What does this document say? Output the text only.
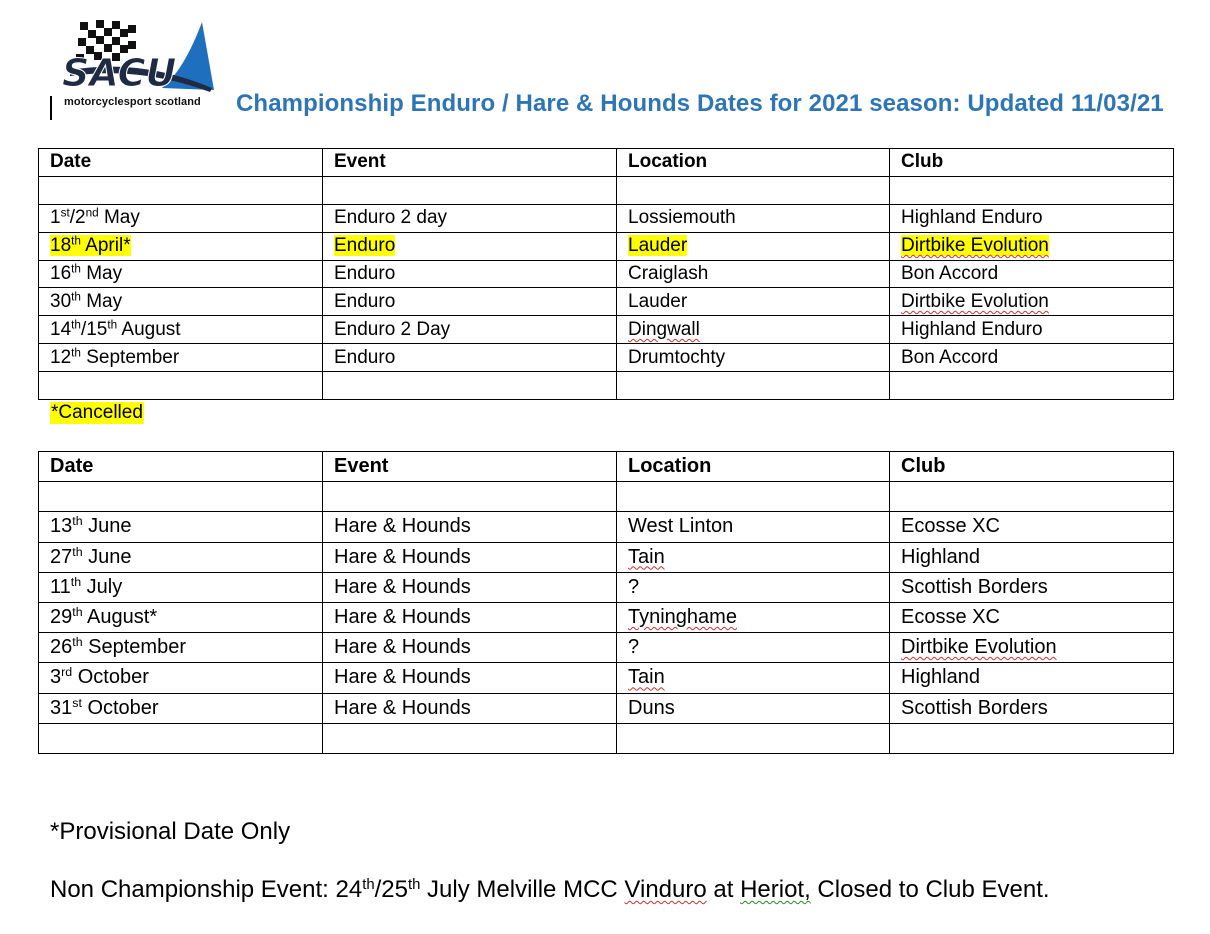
SACU
motorcyclesport scotland Championship Enduro / Hare & Hounds Dates for 2021 season: Updated 11/03/21
Date	Event	Location	Club

1st/2nd May	Enduro 2 day	Lossiemouth	Highland Enduro
18th April*	Enduro	Lauder	Dirtbike Evolution
16th May	Enduro	Craiglash	Bon Accord
30th May	Enduro	Lauder	Dirtbike Evolution
14th/15th August	Enduro 2 Day	Dingwall	Highland Enduro
12th September	Enduro	Drumtochty	Bon Accord

*Cancelled
Date	Event	Location	Club

13th June	Hare & Hounds	West Linton	Ecosse XC
27th June	Hare & Hounds	Tain	Highland
11th July	Hare & Hounds	?	Scottish Borders
29th August*	Hare & Hounds	Tyninghame	Ecosse XC
26th September	Hare & Hounds	?	Dirtbike Evolution
3rd October	Hare & Hounds	Tain	Highland
31st October	Hare & Hounds	Duns	Scottish Borders

*Provisional Date Only
Non Championship Event: 24th/25th July Melville MCC Vinduro at Heriot, Closed to Club Event.
